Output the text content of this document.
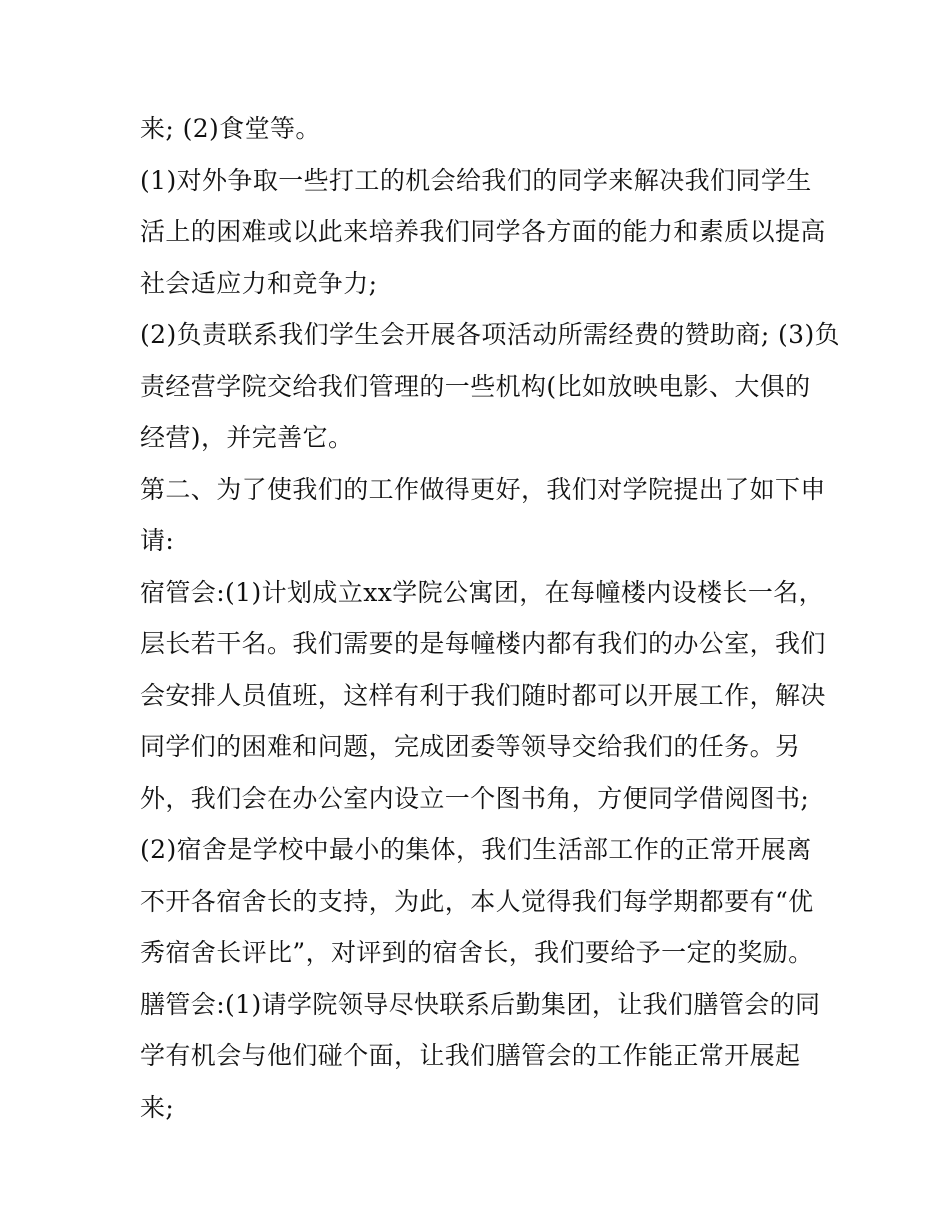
来; (2)食堂等。
(1)对外争取一些打工的机会给我们的同学来解决我们同学生
活上的困难或以此来培养我们同学各方面的能力和素质以提高
社会适应力和竞争力;
(2)负责联系我们学生会开展各项活动所需经费的赞助商; (3)负
责经营学院交给我们管理的一些机构(比如放映电影、大俱的
经营)，并完善它。
第二、为了使我们的工作做得更好，我们对学院提出了如下申
请:
宿管会:(1)计划成立xx学院公寓团，在每幢楼内设楼长一名，
层长若干名。我们需要的是每幢楼内都有我们的办公室，我们
会安排人员值班，这样有利于我们随时都可以开展工作，解决
同学们的困难和问题，完成团委等领导交给我们的任务。另
外，我们会在办公室内设立一个图书角，方便同学借阅图书;
(2)宿舍是学校中最小的集体，我们生活部工作的正常开展离
不开各宿舍长的支持，为此，本人觉得我们每学期都要有“优
秀宿舍长评比”，对评到的宿舍长，我们要给予一定的奖励。
膳管会:(1)请学院领导尽快联系后勤集团，让我们膳管会的同
学有机会与他们碰个面，让我们膳管会的工作能正常开展起
来;
